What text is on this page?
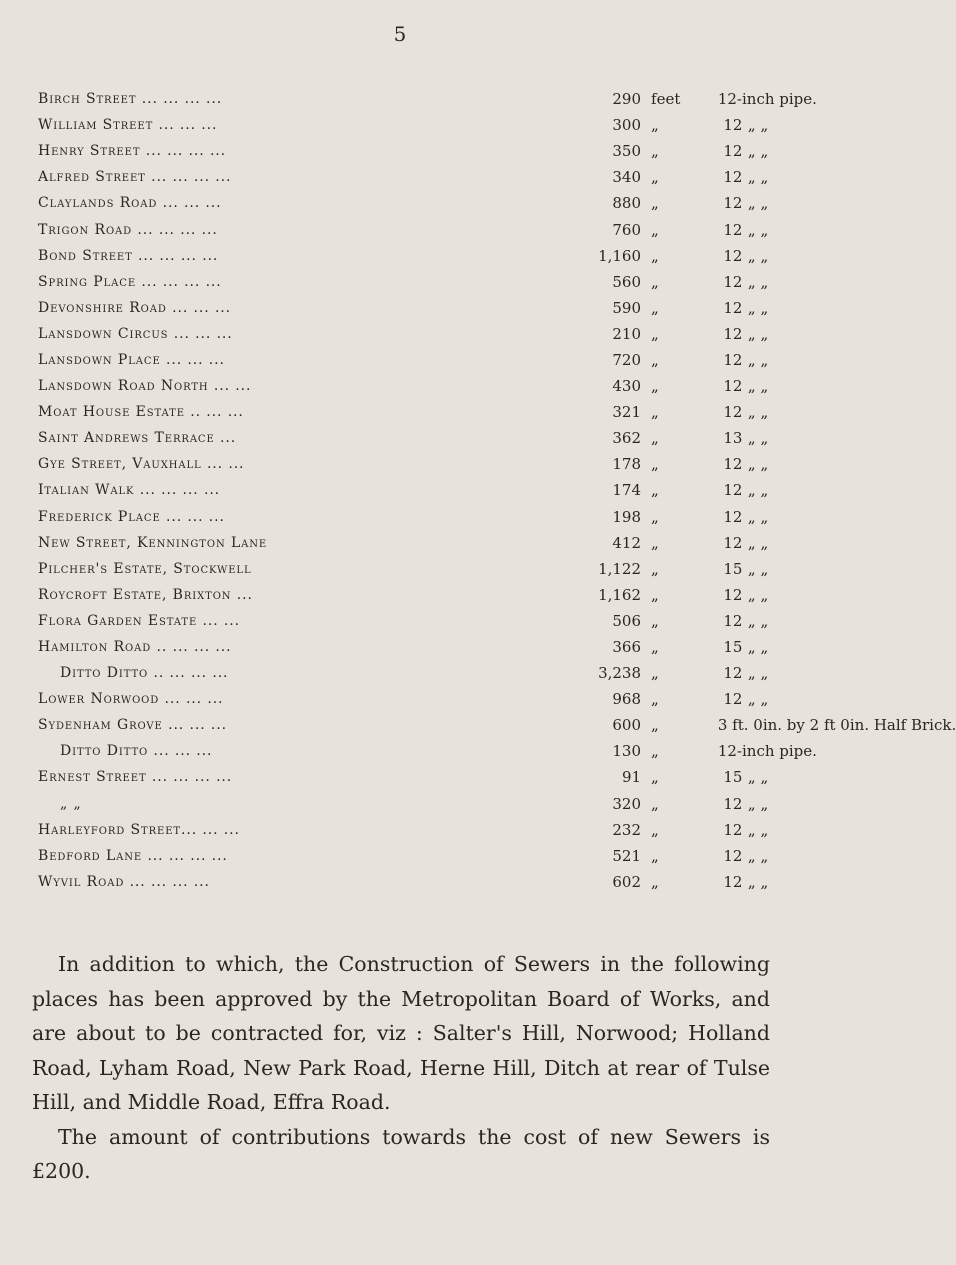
5
Birch Street ... ... ... ...	290	feet	12-inch pipe.	
William Street ... ... ...	300	„	12	„ „
Henry Street ... ... ... ...	350	„	12	„ „
Alfred Street ... ... ... ...	340	„	12	„ „
Claylands Road ... ... ...	880	„	12	„ „
Trigon Road ... ... ... ...	760	„	12	„ „
Bond Street ... ... ... ...	1,160	„	12	„ „
Spring Place ... ... ... ...	560	„	12	„ „
Devonshire Road ... ... ...	590	„	12	„ „
Lansdown Circus ... ... ...	210	„	12	„ „
Lansdown Place ... ... ...	720	„	12	„ „
Lansdown Road North ... ...	430	„	12	„ „
Moat House Estate .. ... ...	321	„	12	„ „
Saint Andrews Terrace ...	362	„	13	„ „
Gye Street, Vauxhall ... ...	178	„	12	„ „
Italian Walk ... ... ... ...	174	„	12	„ „
Frederick Place ... ... ...	198	„	12	„ „
New Street, Kennington Lane	412	„	12	„ „
Pilcher's Estate, Stockwell	1,122	„	15	„ „
Roycroft Estate, Brixton ...	1,162	„	12	„ „
Flora Garden Estate ... ...	506	„	12	„ „
Hamilton Road .. ... ... ...	366	„	15	„ „
Ditto Ditto .. ... ... ...	3,238	„	12	„ „
Lower Norwood ... ... ...	968	„	12	„ „
Sydenham Grove ... ... ...	600	„	3 ft. 0in. by 2 ft 0in. Half Brick.	
Ditto Ditto ... ... ...	130	„	12-inch pipe.	
Ernest Street ... ... ... ...	91	„	15	„ „
„ „	320	„	12	„ „
Harleyford Street... ... ...	232	„	12	„ „
Bedford Lane ... ... ... ...	521	„	12	„ „
Wyvil Road ... ... ... ...	602	„	12	„ „

In addition to which, the Construction of Sewers in the following places has been approved by the Metropolitan Board of Works, and are about to be contracted for, viz : Salter's Hill, Norwood; Holland Road, Lyham Road, New Park Road, Herne Hill, Ditch at rear of Tulse Hill, and Middle Road, Effra Road.

The amount of contributions towards the cost of new Sewers is £200.
